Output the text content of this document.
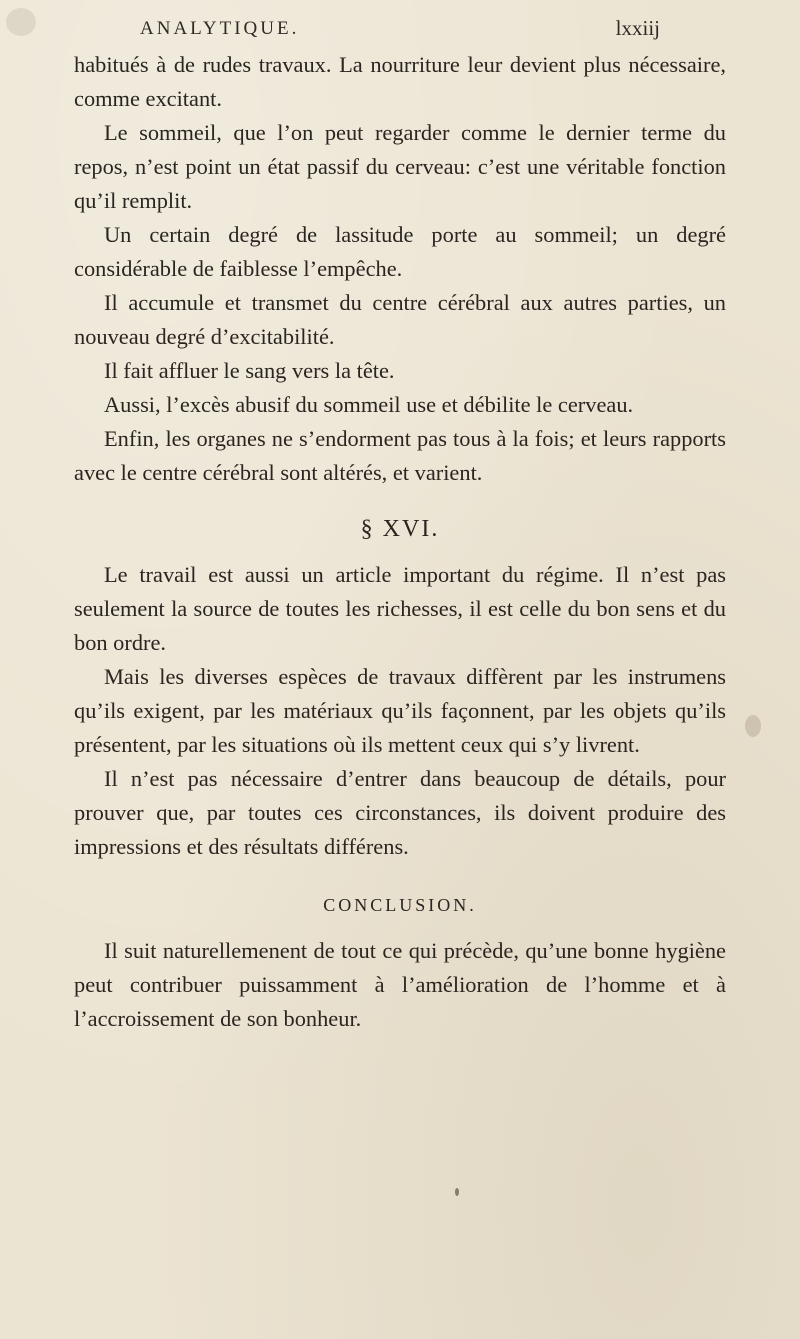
ANALYTIQUE.	lxxiij

habitués à de rudes travaux. La nourriture leur devient plus nécessaire, comme excitant.

Le sommeil, que l’on peut regarder comme le dernier terme du repos, n’est point un état passif du cerveau: c’est une véritable fonction qu’il remplit.

Un certain degré de lassitude porte au sommeil; un degré considérable de faiblesse l’empêche.

Il accumule et transmet du centre cérébral aux autres parties, un nouveau degré d’excitabilité.

Il fait affluer le sang vers la tête.

Aussi, l’excès abusif du sommeil use et débilite le cerveau.

Enfin, les organes ne s’endorment pas tous à la fois; et leurs rapports avec le centre cérébral sont altérés, et varient.

§ XVI.

Le travail est aussi un article important du régime. Il n’est pas seulement la source de toutes les richesses, il est celle du bon sens et du bon ordre.

Mais les diverses espèces de travaux diffèrent par les instrumens qu’ils exigent, par les matériaux qu’ils façonnent, par les objets qu’ils présentent, par les situations où ils mettent ceux qui s’y livrent.

Il n’est pas nécessaire d’entrer dans beaucoup de détails, pour prouver que, par toutes ces circonstances, ils doivent produire des impressions et des résultats différens.

CONCLUSION.

Il suit naturellemenent de tout ce qui précède, qu’une bonne hygiène peut contribuer puissamment à l’amélioration de l’homme et à l’accroissement de son bonheur.
